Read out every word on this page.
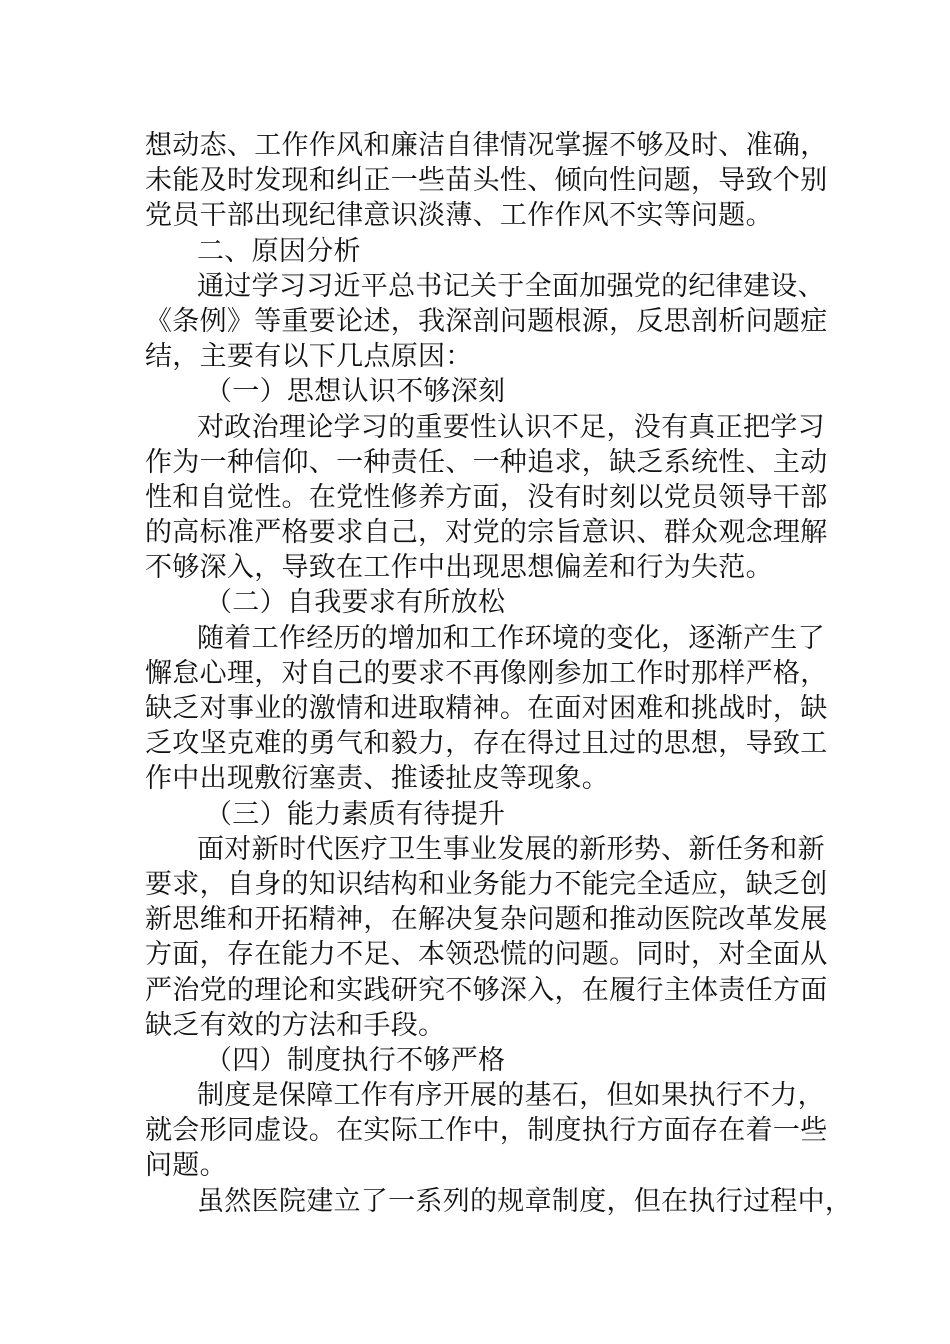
想动态、工作作风和廉洁自律情况掌握不够及时、准确，
未能及时发现和纠正一些苗头性、倾向性问题，导致个别
党员干部出现纪律意识淡薄、工作作风不实等问题。
二、原因分析
通过学习习近平总书记关于全面加强党的纪律建设、
《条例》等重要论述，我深剖问题根源，反思剖析问题症
结，主要有以下几点原因：
（一）思想认识不够深刻
对政治理论学习的重要性认识不足，没有真正把学习
作为一种信仰、一种责任、一种追求，缺乏系统性、主动
性和自觉性。在党性修养方面，没有时刻以党员领导干部
的高标准严格要求自己，对党的宗旨意识、群众观念理解
不够深入，导致在工作中出现思想偏差和行为失范。
（二）自我要求有所放松
随着工作经历的增加和工作环境的变化，逐渐产生了
懈怠心理，对自己的要求不再像刚参加工作时那样严格，
缺乏对事业的激情和进取精神。在面对困难和挑战时，缺
乏攻坚克难的勇气和毅力，存在得过且过的思想，导致工
作中出现敷衍塞责、推诿扯皮等现象。
（三）能力素质有待提升
面对新时代医疗卫生事业发展的新形势、新任务和新
要求，自身的知识结构和业务能力不能完全适应，缺乏创
新思维和开拓精神，在解决复杂问题和推动医院改革发展
方面，存在能力不足、本领恐慌的问题。同时，对全面从
严治党的理论和实践研究不够深入，在履行主体责任方面
缺乏有效的方法和手段。
（四）制度执行不够严格
制度是保障工作有序开展的基石，但如果执行不力，
就会形同虚设。在实际工作中，制度执行方面存在着一些
问题。
虽然医院建立了一系列的规章制度，但在执行过程中，
